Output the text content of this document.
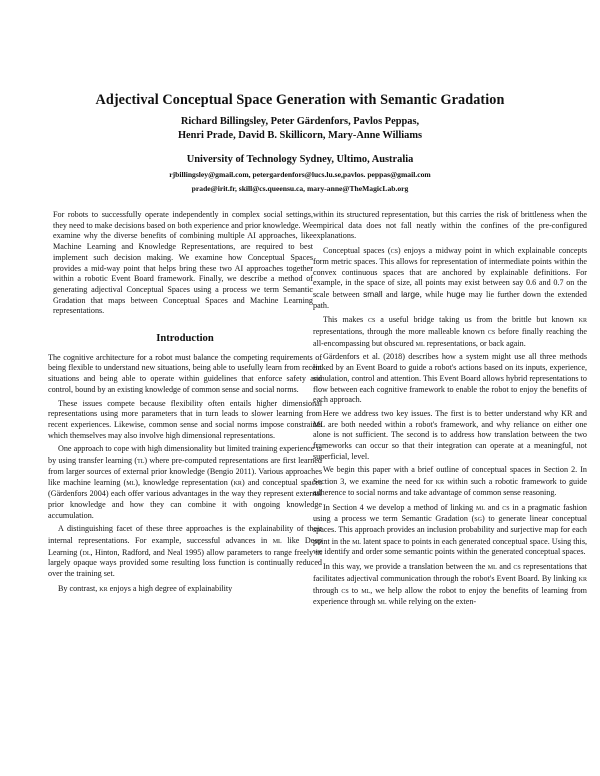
Adjectival Conceptual Space Generation with Semantic Gradation
Richard Billingsley, Peter Gärdenfors, Pavlos Peppas,
Henri Prade, David B. Skillicorn, Mary-Anne Williams
University of Technology Sydney, Ultimo, Australia
rjbillingsley@gmail.com, petergardenfors@lucs.lu.se,pavlos. peppas@gmail.com
prade@irit.fr, skill@cs.queensu.ca, mary-anne@TheMagicLab.org

For robots to successfully operate independently in complex social settings, they need to make decisions based on both experience and prior knowledge. We examine why the diverse benefits of combining multiple AI approaches, like Machine Learning and Knowledge Representations, are required to best implement such decision making. We examine how Conceptual Spaces provides a mid-way point that helps bring these two AI approaches together within a robotic Event Board framework. Finally, we describe a method of generating adjectival Conceptual Spaces using a process we term Semantic Gradation that maps between Conceptual Spaces and Machine Learning representations.

Introduction

The cognitive architecture for a robot must balance the competing requirements of being flexible to understand new situations, being able to usefully learn from recent situations and being able to operate within guidelines that enforce safety and control, bound by an existing knowledge of common sense and social norms.

These issues compete because flexibility often entails higher dimensional representations using more parameters that in turn leads to slower learning from recent experiences. Likewise, common sense and social norms impose constraints which themselves may also involve high dimensional representations.

One approach to cope with high dimensionality but limited training experience is by using transfer learning (tl) where pre-computed representations are first learned from larger sources of external prior knowledge (Bengio 2011). Various approaches like machine learning (ml), knowledge representation (kr) and conceptual spaces (Gärdenfors 2004) each offer various advantages in the way they represent external prior knowledge and how they can combine it with ongoing knowledge accumulation.

A distinguishing facet of these three approaches is the explainability of their internal representations. For example, successful advances in ml like Deep Learning (dl, Hinton, Radford, and Neal 1995) allow parameters to range freely in largely opaque ways provided some resulting loss function is continually reduced over the training set.

By contrast, kr enjoys a high degree of explainability

within its structured representation, but this carries the risk of brittleness when the empirical data does not fall neatly within the confines of the pre-configured explanations.

Conceptual spaces (cs) enjoys a midway point in which explainable concepts form metric spaces. This allows for representation of intermediate points within the convex continuous spaces that are anchored by explainable definitions. For example, in the space of size, all points may exist between say 0.6 and 0.7 on the scale between small and large, while huge may lie further down the extended path.

This makes cs a useful bridge taking us from the brittle but known kr representations, through the more malleable known cs before finally reaching the all-encompassing but obscured ml representations, or back again.

Gärdenfors et al. (2018) describes how a system might use all three methods linked by an Event Board to guide a robot's actions based on its inputs, experience, simulation, control and attention. This Event Board allows hybrid representations to flow between each cognitive framework to enable the robot to enjoy the benefits of each approach.

Here we address two key issues. The first is to better understand why KR and ML are both needed within a robot's framework, and why reliance on either one alone is not sufficient. The second is to address how translation between the two frameworks can occur so that their integration can operate at a meaningful, not superficial, level.

We begin this paper with a brief outline of conceptual spaces in Section 2. In Section 3, we examine the need for kr within such a robotic framework to guide adherence to social norms and take advantage of common sense reasoning.

In Section 4 we develop a method of linking ml and cs in a pragmatic fashion using a process we term Semantic Gradation (sg) to generate linear conceptual spaces. This approach provides an inclusion probability and surjective map for each point in the ml latent space to points in each generated conceptual space. Using this, we identify and order some semantic points within the generated conceptual spaces.

In this way, we provide a translation between the ml and cs representations that facilitates adjectival communication through the robot's Event Board. By linking kr through cs to ml, we help allow the robot to enjoy the benefits of learning from experience through ml while relying on the exten-
